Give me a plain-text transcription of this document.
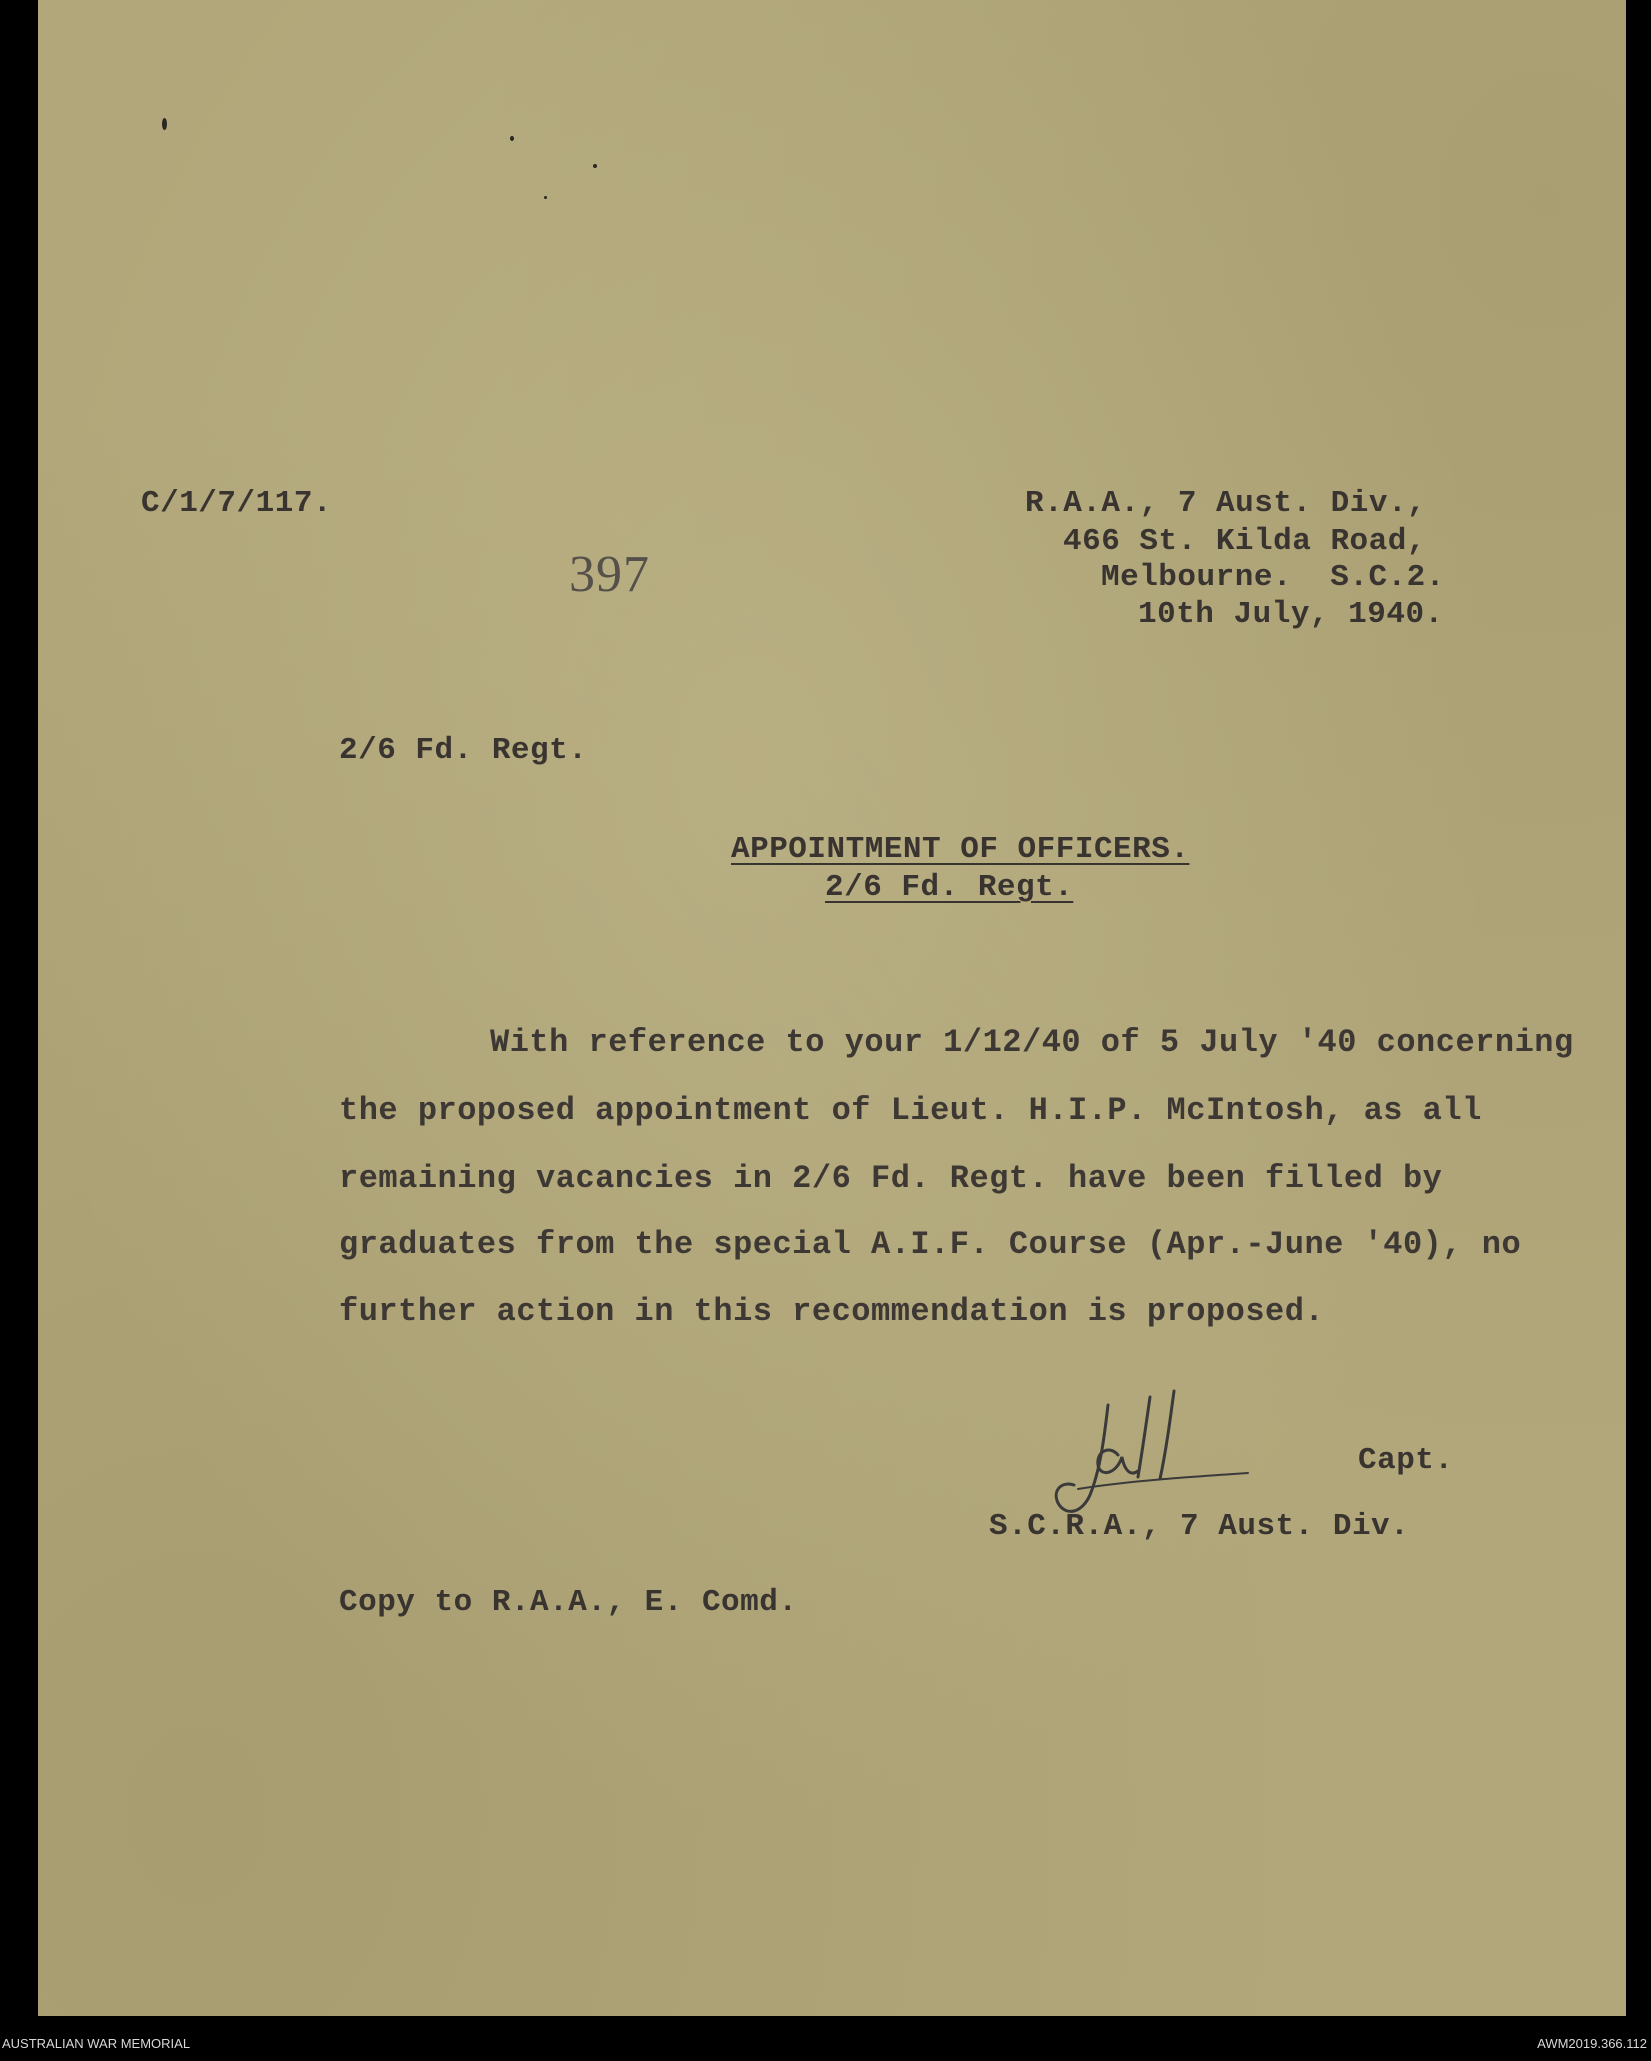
C/1/7/117.
397
R.A.A., 7 Aust. Div.,
466 St. Kilda Road,
Melbourne.  S.C.2.
10th July, 1940.
2/6 Fd. Regt.
APPOINTMENT OF OFFICERS.
2/6 Fd. Regt.
With reference to your 1/12/40 of 5 July '40 concerning
the proposed appointment of Lieut. H.I.P. McIntosh, as all
remaining vacancies in 2/6 Fd. Regt. have been filled by
graduates from the special A.I.F. Course (Apr.-June '40), no
further action in this recommendation is proposed.
Capt.
S.C.R.A., 7 Aust. Div.
Copy to R.A.A., E. Comd.
AUSTRALIAN WAR MEMORIAL	AWM2019.366.112
